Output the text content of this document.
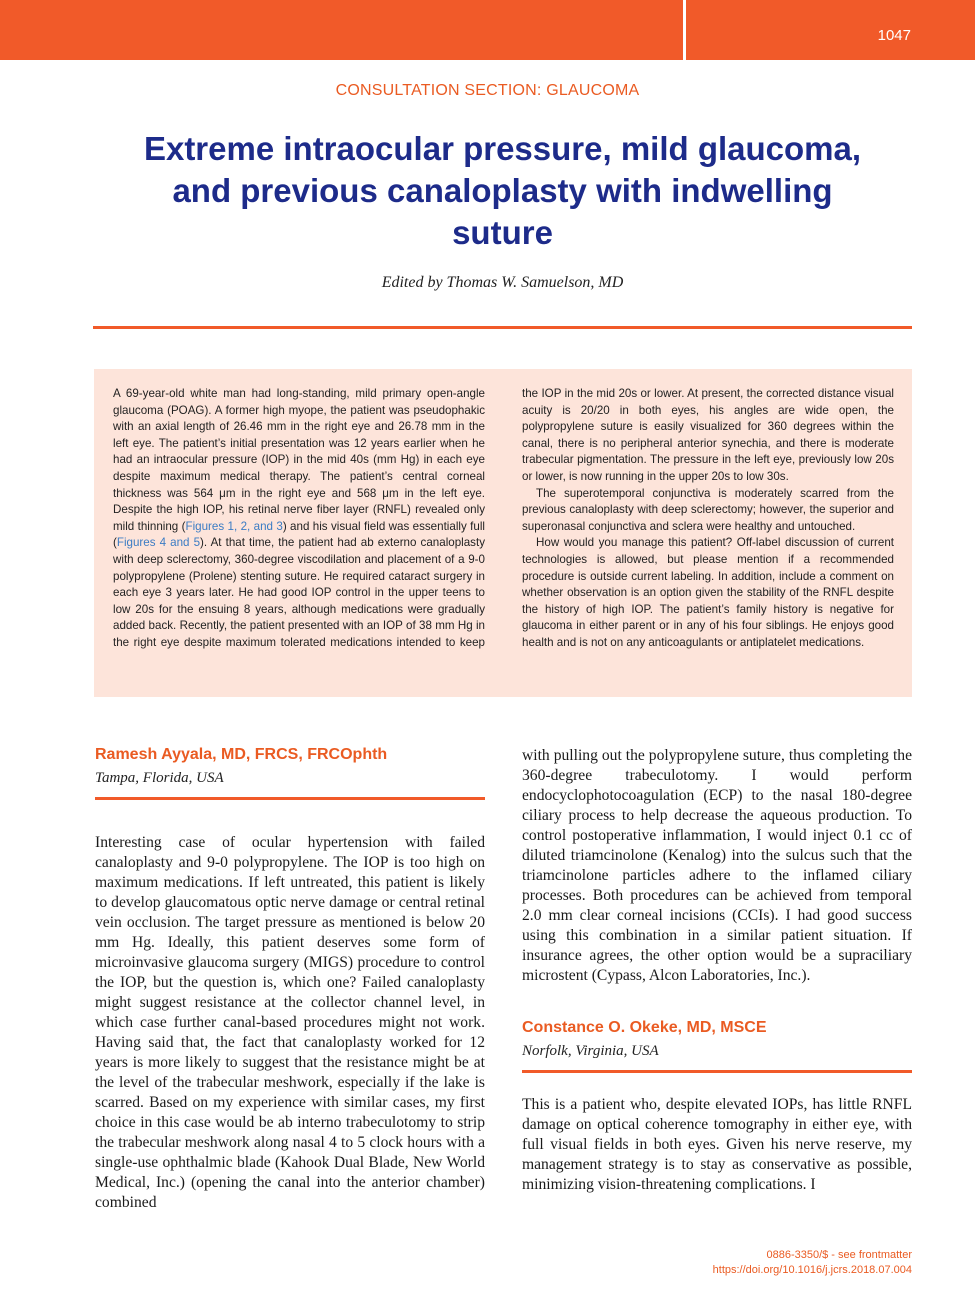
1047
CONSULTATION SECTION: GLAUCOMA
Extreme intraocular pressure, mild glaucoma, and previous canaloplasty with indwelling suture
Edited by Thomas W. Samuelson, MD

A 69-year-old white man had long-standing, mild primary open-angle glaucoma (POAG). A former high myope, the patient was pseudophakic with an axial length of 26.46 mm in the right eye and 26.78 mm in the left eye. The patient’s initial presentation was 12 years earlier when he had an intraocular pressure (IOP) in the mid 40s (mm Hg) in each eye despite maximum medical therapy. The patient’s central corneal thickness was 564 μm in the right eye and 568 μm in the left eye. Despite the high IOP, his retinal nerve fiber layer (RNFL) revealed only mild thinning (Figures 1, 2, and 3) and his visual field was essentially full (Figures 4 and 5). At that time, the patient had ab externo canaloplasty with deep sclerectomy, 360-degree viscodilation and placement of a 9-0 polypropylene (Prolene) stenting suture. He required cataract surgery in each eye 3 years later. He had good IOP control in the upper teens to low 20s for the ensuing 8 years, although medications were gradually added back. Recently, the patient presented with an IOP of 38 mm Hg in the right eye despite maximum tolerated medications intended to keep the IOP in the mid 20s or lower. At present, the corrected distance visual acuity is 20/20 in both eyes, his angles are wide open, the polypropylene suture is easily visualized for 360 degrees within the canal, there is no peripheral anterior synechia, and there is moderate trabecular pigmentation. The pressure in the left eye, previously low 20s or lower, is now running in the upper 20s to low 30s.

The superotemporal conjunctiva is moderately scarred from the previous canaloplasty with deep sclerectomy; however, the superior and superonasal conjunctiva and sclera were healthy and untouched.

How would you manage this patient? Off-label discussion of current technologies is allowed, but please mention if a recommended procedure is outside current labeling. In addition, include a comment on whether observation is an option given the stability of the RNFL despite the history of high IOP. The patient’s family history is negative for glaucoma in either parent or in any of his four siblings. He enjoys good health and is not on any anticoagulants or antiplatelet medications.

Ramesh Ayyala, MD, FRCS, FRCOphth
Tampa, Florida, USA

Interesting case of ocular hypertension with failed canaloplasty and 9-0 polypropylene. The IOP is too high on maximum medications. If left untreated, this patient is likely to develop glaucomatous optic nerve damage or central retinal vein occlusion. The target pressure as mentioned is below 20 mm Hg. Ideally, this patient deserves some form of microinvasive glaucoma surgery (MIGS) procedure to control the IOP, but the question is, which one? Failed canaloplasty might suggest resistance at the collector channel level, in which case further canal-based procedures might not work. Having said that, the fact that canaloplasty worked for 12 years is more likely to suggest that the resistance might be at the level of the trabecular meshwork, especially if the lake is scarred. Based on my experience with similar cases, my first choice in this case would be ab interno trabeculotomy to strip the trabecular meshwork along nasal 4 to 5 clock hours with a single-use ophthalmic blade (Kahook Dual Blade, New World Medical, Inc.) (opening the canal into the anterior chamber) combined

with pulling out the polypropylene suture, thus completing the 360-degree trabeculotomy. I would perform endocyclophotocoagulation (ECP) to the nasal 180-degree ciliary process to help decrease the aqueous production. To control postoperative inflammation, I would inject 0.1 cc of diluted triamcinolone (Kenalog) into the sulcus such that the triamcinolone particles adhere to the inflamed ciliary processes. Both procedures can be achieved from temporal 2.0 mm clear corneal incisions (CCIs). I had good success using this combination in a similar patient situation. If insurance agrees, the other option would be a supraciliary microstent (Cypass, Alcon Laboratories, Inc.).

Constance O. Okeke, MD, MSCE
Norfolk, Virginia, USA

This is a patient who, despite elevated IOPs, has little RNFL damage on optical coherence tomography in either eye, with full visual fields in both eyes. Given his nerve reserve, my management strategy is to stay as conservative as possible, minimizing vision-threatening complications. I

0886-3350/$ - see frontmatter
https://doi.org/10.1016/j.jcrs.2018.07.004
